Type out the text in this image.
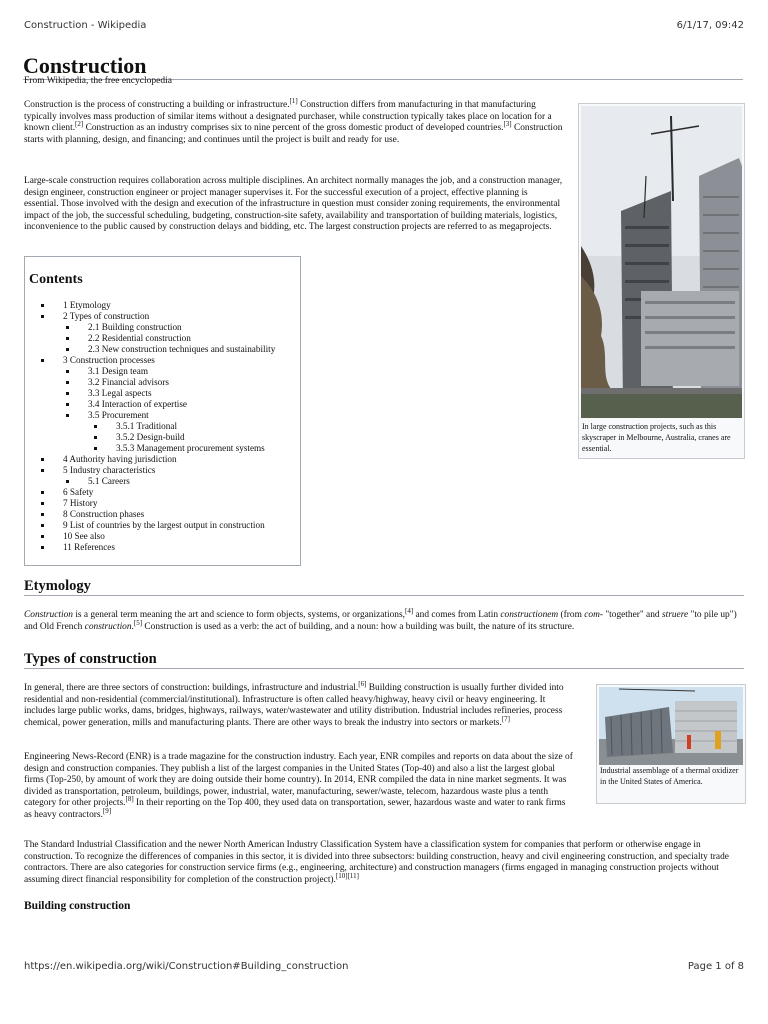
Construction - Wikipedia	6/1/17, 09:42
Construction
From Wikipedia, the free encyclopedia

Construction is the process of constructing a building or infrastructure.[1] Construction differs from manufacturing in that manufacturing typically involves mass production of similar items without a designated purchaser, while construction typically takes place on location for a known client.[2] Construction as an industry comprises six to nine percent of the gross domestic product of developed countries.[3] Construction starts with planning, design, and financing; and continues until the project is built and ready for use.

Large-scale construction requires collaboration across multiple disciplines. An architect normally manages the job, and a construction manager, design engineer, construction engineer or project manager supervises it. For the successful execution of a project, effective planning is essential. Those involved with the design and execution of the infrastructure in question must consider zoning requirements, the environmental impact of the job, the successful scheduling, budgeting, construction-site safety, availability and transportation of building materials, logistics, inconvenience to the public caused by construction delays and bidding, etc. The largest construction projects are referred to as megaprojects.

In large construction projects, such as this skyscraper in Melbourne, Australia, cranes are essential.
Contents
1 Etymology
2 Types of construction
2.1 Building construction
2.2 Residential construction
2.3 New construction techniques and sustainability
3 Construction processes
3.1 Design team
3.2 Financial advisors
3.3 Legal aspects
3.4 Interaction of expertise
3.5 Procurement
3.5.1 Traditional
3.5.2 Design-build
3.5.3 Management procurement systems
4 Authority having jurisdiction
5 Industry characteristics
5.1 Careers
6 Safety
7 History
8 Construction phases
9 List of countries by the largest output in construction
10 See also
11 References
Etymology

Construction is a general term meaning the art and science to form objects, systems, or organizations,[4] and comes from Latin constructionem (from com- "together" and struere "to pile up") and Old French construction.[5] Construction is used as a verb: the act of building, and a noun: how a building was built, the nature of its structure.

Types of construction

In general, there are three sectors of construction: buildings, infrastructure and industrial.[6] Building construction is usually further divided into residential and non-residential (commercial/institutional). Infrastructure is often called heavy/highway, heavy civil or heavy engineering. It includes large public works, dams, bridges, highways, railways, water/wastewater and utility distribution. Industrial includes refineries, process chemical, power generation, mills and manufacturing plants. There are other ways to break the industry into sectors or markets.[7]

Engineering News-Record (ENR) is a trade magazine for the construction industry. Each year, ENR compiles and reports on data about the size of design and construction companies. They publish a list of the largest companies in the United States (Top-40) and also a list the largest global firms (Top-250, by amount of work they are doing outside their home country). In 2014, ENR compiled the data in nine market segments. It was divided as transportation, petroleum, buildings, power, industrial, water, manufacturing, sewer/waste, telecom, hazardous waste plus a tenth category for other projects.[8] In their reporting on the Top 400, they used data on transportation, sewer, hazardous waste and water to rank firms as heavy contractors.[9]

The Standard Industrial Classification and the newer North American Industry Classification System have a classification system for companies that perform or otherwise engage in construction. To recognize the differences of companies in this sector, it is divided into three subsectors: building construction, heavy and civil engineering construction, and specialty trade contractors. There are also categories for construction service firms (e.g., engineering, architecture) and construction managers (firms engaged in managing construction projects without assuming direct financial responsibility for completion of the construction project).[10][11]

Building construction
Industrial assemblage of a thermal oxidizer in the United States of America.
https://en.wikipedia.org/wiki/Construction#Building_construction	Page 1 of 8
